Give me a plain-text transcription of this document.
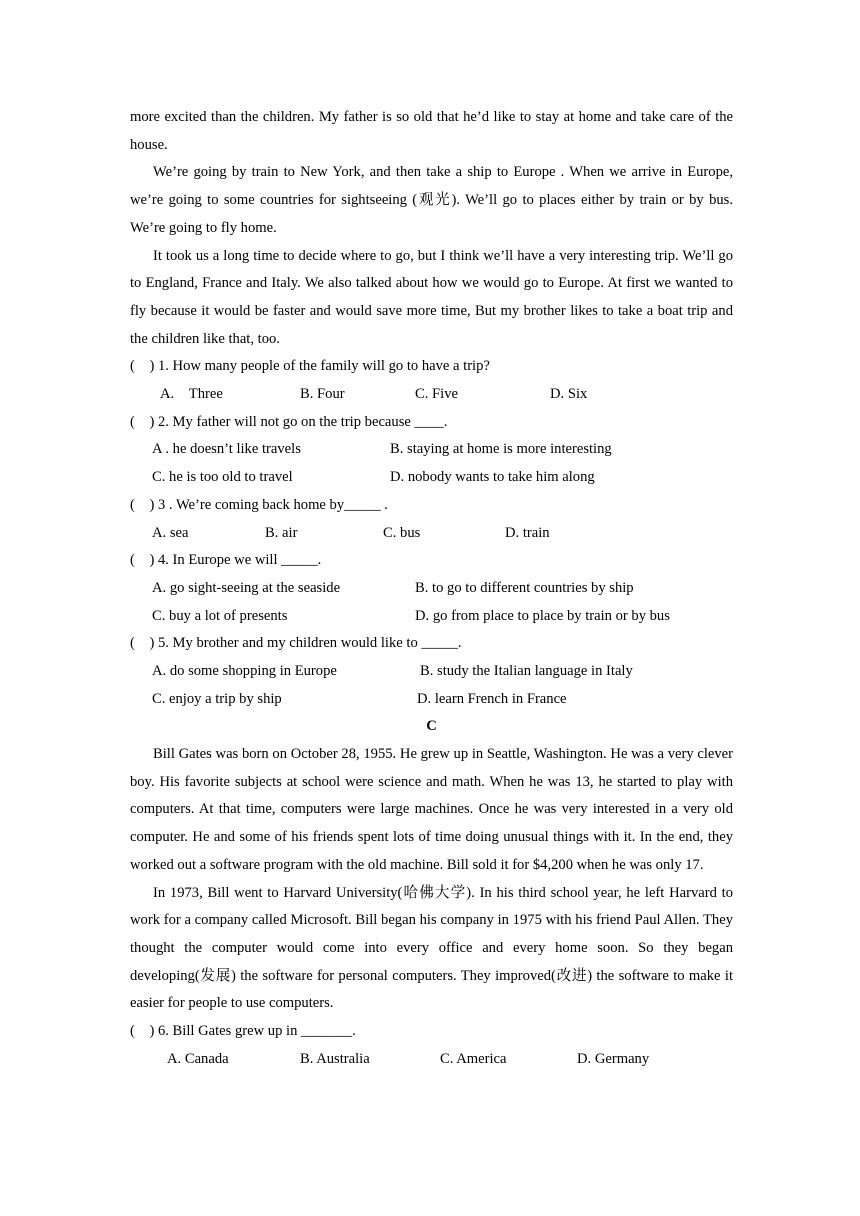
more excited than the children. My father is so old that he’d like to stay at home and take care of the house.

We’re going by train to New York, and then take a ship to Europe . When we arrive in Europe, we’re going to some countries for sightseeing (观光). We’ll go to places either by train or by bus. We’re going to fly home.

It took us a long time to decide where to go, but I think we’ll have a very interesting trip. We’ll go to England, France and Italy. We also talked about how we would go to Europe. At first we wanted to fly because it would be faster and would save more time, But my brother likes to take a boat trip and the children like that, too.

(    ) 1. How many people of the family will go to have a trip?

A.    Three	B. Four	C. Five	D. Six

(    ) 2. My father will not go on the trip because ____.

A . he doesn’t like travels	B. staying at home is more interesting
C. he is too old to travel	D. nobody wants to take him along

(    ) 3 . We’re coming back home by_____ .

A. sea	B. air	C. bus	D. train

(    ) 4. In Europe we will _____.

A. go sight-seeing at the seaside	B. to go to different countries by ship
C. buy a lot of presents	D. go from place to place by train or by bus

(    ) 5. My brother and my children would like to _____.

A. do some shopping in Europe	B. study the Italian language in Italy
C. enjoy a trip by ship	D. learn French in France

C

Bill Gates was born on October 28, 1955. He grew up in Seattle, Washington. He was a very clever boy. His favorite subjects at school were science and math. When he was 13, he started to play with computers. At that time, computers were large machines. Once he was very interested in a very old computer. He and some of his friends spent lots of time doing unusual things with it. In the end, they worked out a software program with the old machine. Bill sold it for $4,200 when he was only 17.

In 1973, Bill went to Harvard University(哈佛大学). In his third school year, he left Harvard to work for a company called Microsoft. Bill began his company in 1975 with his friend Paul Allen. They thought the computer would come into every office and every home soon. So they began developing(发展) the software for personal computers. They improved(改进) the software to make it easier for people to use computers.

(    ) 6. Bill Gates grew up in _______.

A. Canada	B. Australia	C. America	D. Germany
